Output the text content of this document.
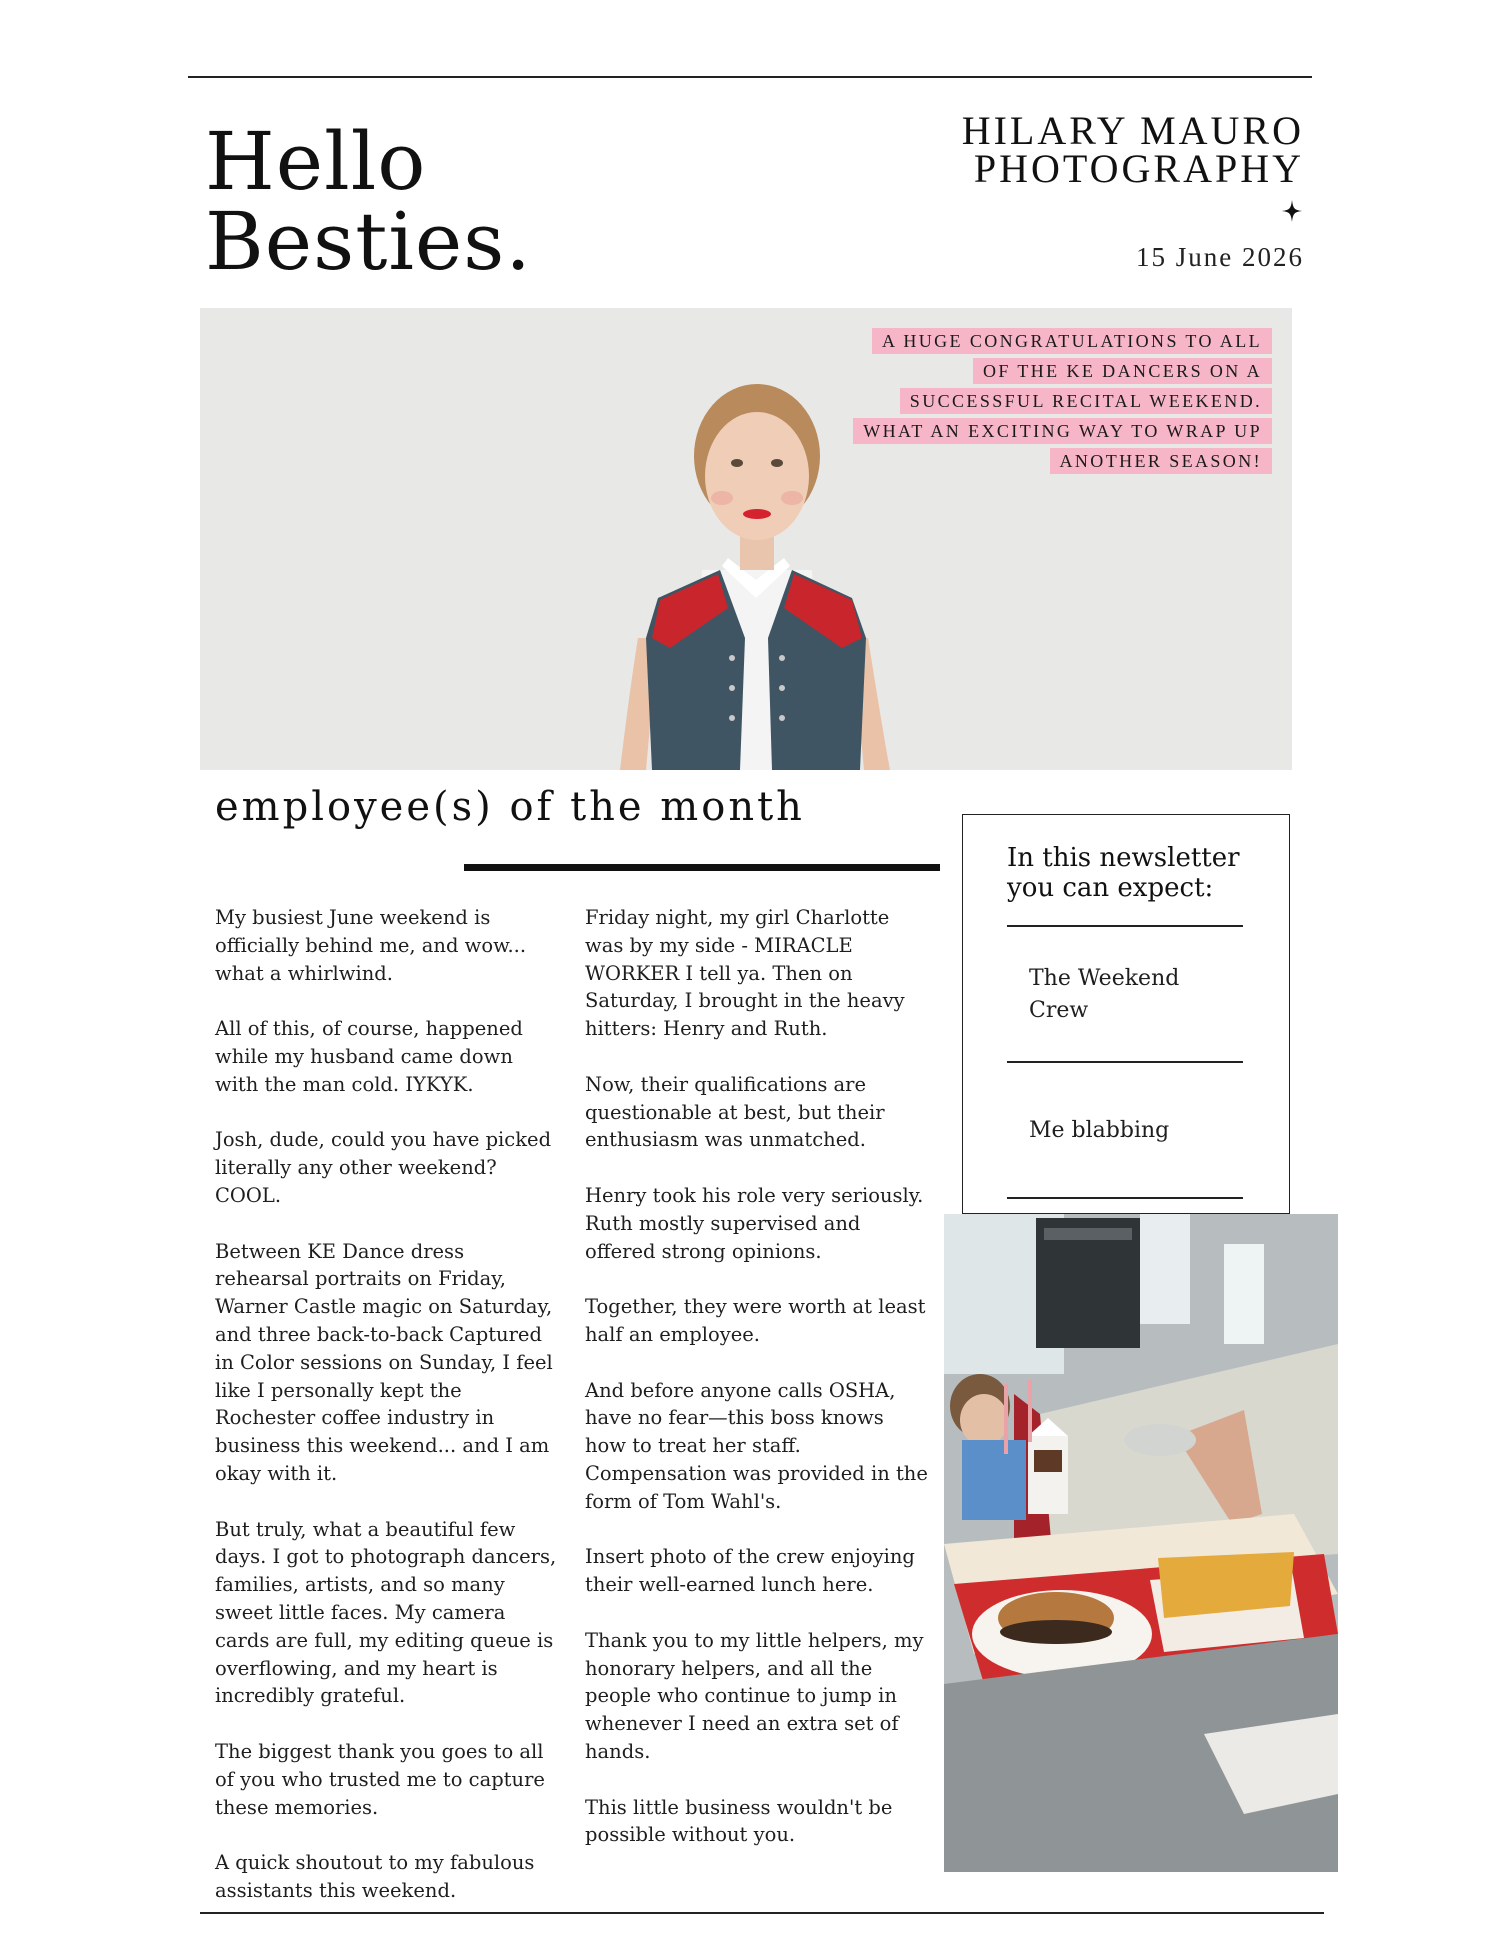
Hello
Besties.
HILARY MAURO
PHOTOGRAPHY
15 June 2026
A HUGE CONGRATULATIONS TO ALL
OF THE KE DANCERS ON A
SUCCESSFUL RECITAL WEEKEND.
WHAT AN EXCITING WAY TO WRAP UP
ANOTHER SEASON!
employee(s) of the month

My busiest June weekend is officially behind me, and wow... what a whirlwind.

All of this, of course, happened while my husband came down with the man cold. IYKYK.

Josh, dude, could you have picked literally any other weekend? COOL.

Between KE Dance dress rehearsal portraits on Friday, Warner Castle magic on Saturday, and three back-to-back Captured in Color sessions on Sunday, I feel like I personally kept the Rochester coffee industry in business this weekend... and I am okay with it.

But truly, what a beautiful few days. I got to photograph dancers, families, artists, and so many sweet little faces. My camera cards are full, my editing queue is overflowing, and my heart is incredibly grateful.

The biggest thank you goes to all of you who trusted me to capture these memories.

A quick shoutout to my fabulous assistants this weekend.

Friday night, my girl Charlotte was by my side - MIRACLE WORKER I tell ya. Then on Saturday, I brought in the heavy hitters: Henry and Ruth.

Now, their qualifications are questionable at best, but their enthusiasm was unmatched.

Henry took his role very seriously. Ruth mostly supervised and offered strong opinions.

Together, they were worth at least half an employee.

And before anyone calls OSHA, have no fear—this boss knows how to treat her staff. Compensation was provided in the form of Tom Wahl's.

Insert photo of the crew enjoying their well-earned lunch here.

Thank you to my little helpers, my honorary helpers, and all the people who continue to jump in whenever I need an extra set of hands.

This little business wouldn't be possible without you.

In this newsletter
you can expect:
The Weekend
Crew
Me blabbing
